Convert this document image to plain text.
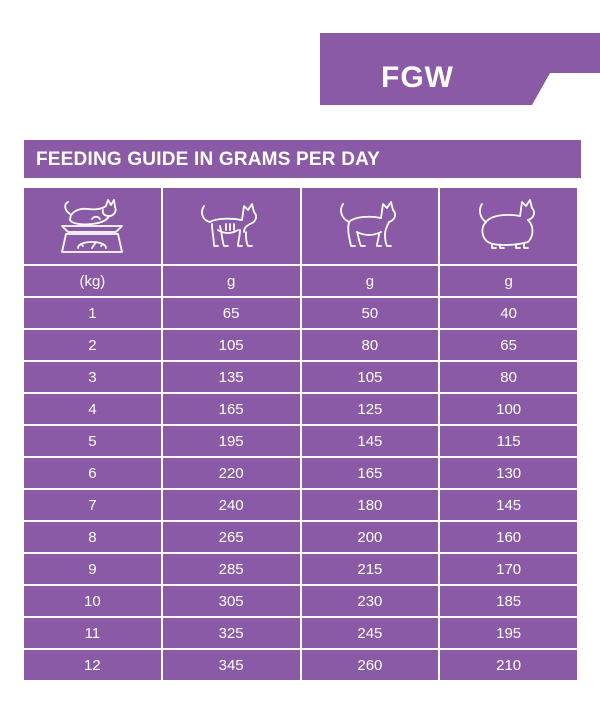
FGW
FEEDING GUIDE IN GRAMS PER DAY

(kg)	g	g	g
1	65	50	40
2	105	80	65
3	135	105	80
4	165	125	100
5	195	145	115
6	220	165	130
7	240	180	145
8	265	200	160
9	285	215	170
10	305	230	185
11	325	245	195
12	345	260	210
